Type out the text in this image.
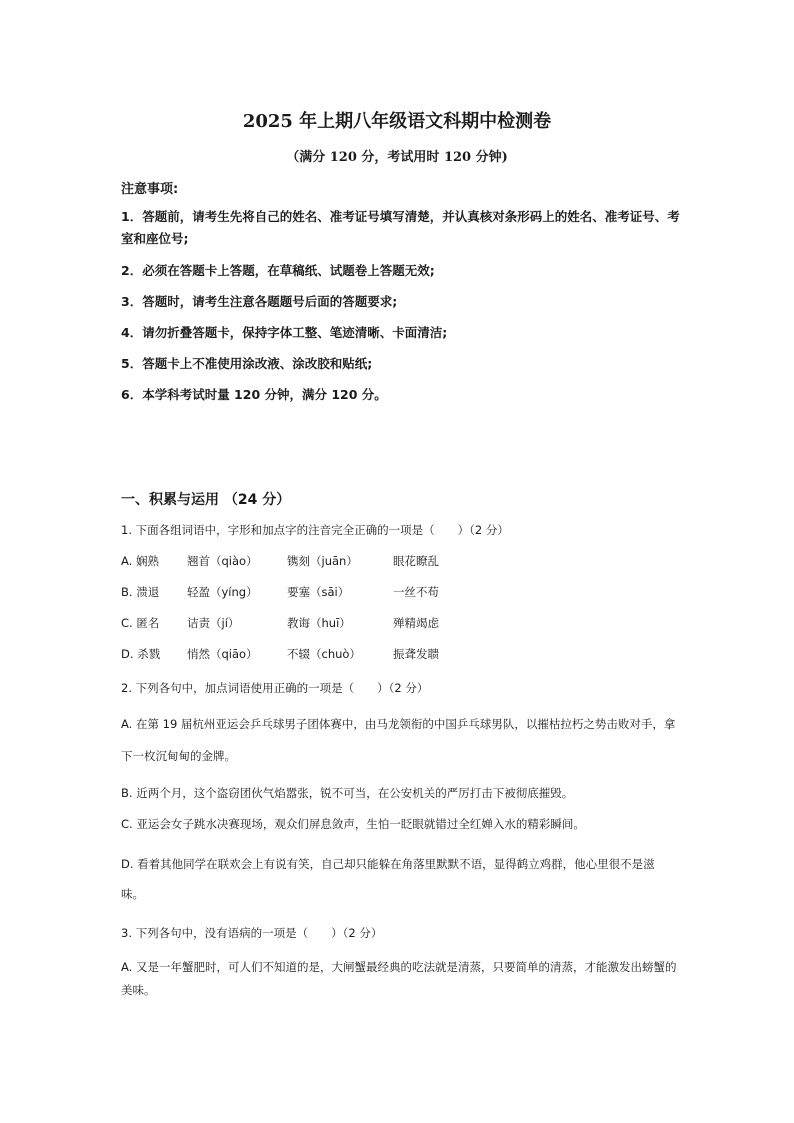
2025 年上期八年级语文科期中检测卷
（满分 120 分，考试用时 120 分钟)
注意事项:
1．答题前，请考生先将自己的姓名、准考证号填写清楚，并认真核对条形码上的姓名、准考证号、考室和座位号;
2．必须在答题卡上答题，在草稿纸、试题卷上答题无效;
3．答题时，请考生注意各题题号后面的答题要求;
4．请勿折叠答题卡，保持字体工整、笔迹清晰、卡面清洁;
5．答题卡上不准使用涂改液、涂改胶和贴纸;
6．本学科考试时量 120 分钟，满分 120 分。
一、积累与运用 （24 分）
1. 下面各组词语中，字形和加点字的注音完全正确的一项是（　　）（2 分）
A. 娴熟 翘首（qiào）	镌刻（juān）	眼花瞭乱
B. 溃退 轻盈（yíng）	要塞（sāi）	一丝不苟
C. 匿名 诘责（jí）	教诲（huī）	殚精竭虑
D. 杀戮 悄然（qiāo）	不辍（chuò）	振聋发聩
2. 下列各句中，加点词语使用正确的一项是（　　）（2 分）
A. 在第 19 届杭州亚运会乒乓球男子团体赛中，由马龙领衔的中国乒乓球男队，以摧枯拉朽之势击败对手，拿下一枚沉甸甸的金牌。
B. 近两个月，这个盗窃团伙气焰嚣张，锐不可当，在公安机关的严厉打击下被彻底摧毁。
C. 亚运会女子跳水决赛现场，观众们屏息敛声，生怕一眨眼就错过全红婵入水的精彩瞬间。
D. 看着其他同学在联欢会上有说有笑，自己却只能躲在角落里默默不语，显得鹤立鸡群，他心里很不是滋味。
3. 下列各句中，没有语病的一项是（　　）（2 分）
A. 又是一年蟹肥时，可人们不知道的是，大闸蟹最经典的吃法就是清蒸，只要简单的清蒸，才能激发出螃蟹的美味。
